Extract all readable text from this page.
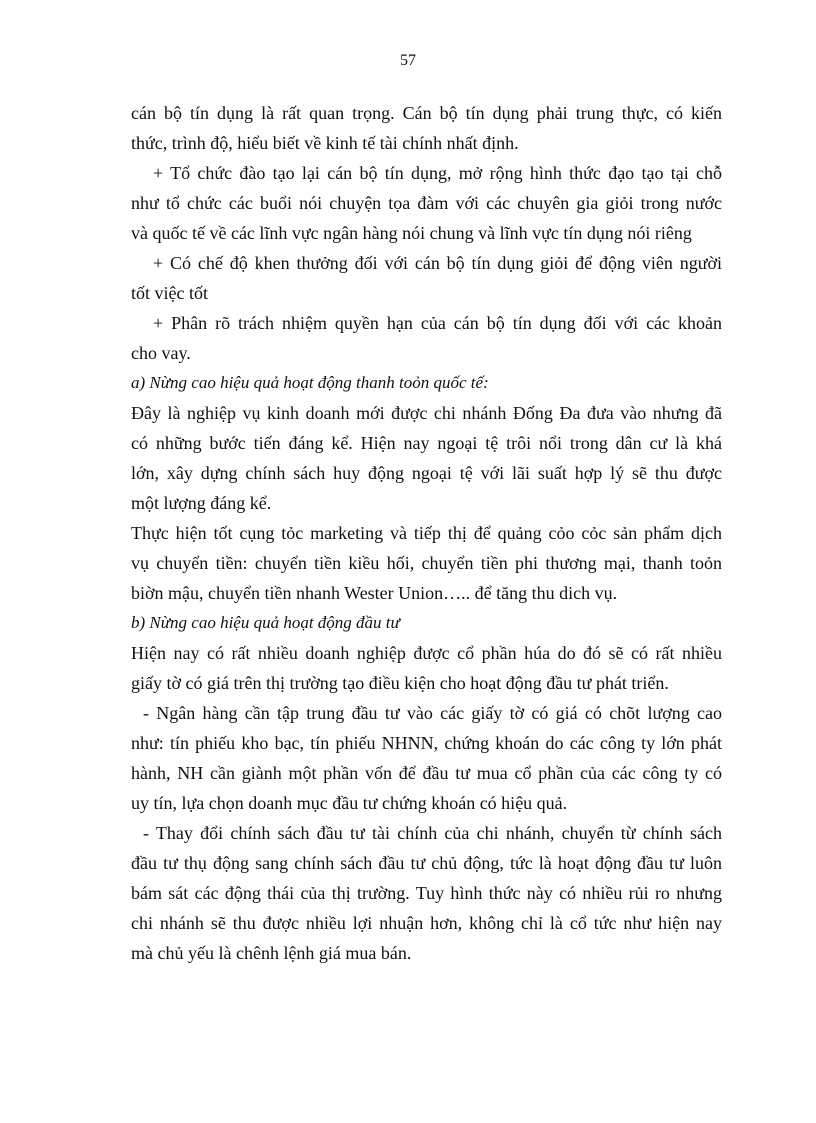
57

cán bộ tín dụng là rất quan trọng. Cán bộ tín dụng phải trung thực, có kiến

thức, trình độ, hiểu biết về kinh tế tài chính nhất định.

+ Tổ chức đào tạo lại cán bộ tín dụng, mở rộng hình thức đạo tạo tại chỗ

như tổ chức các buổi nói chuyện tọa đàm với các chuyên gia giỏi trong nước

và quốc tế về các lĩnh vực ngân hàng nói chung và lĩnh vực tín dụng nói riêng

+ Có chế độ khen thưởng đối với cán bộ tín dụng giỏi để động viên người

tốt việc tốt

+ Phân rõ trách nhiệm quyền hạn của cán bộ tín dụng đối với các khoản

cho vay.

a) Nừng cao hiệu quả hoạt động thanh toỏn quốc tế:

Đây là nghiệp vụ kinh doanh mới được chi nhánh Đống Đa đưa vào nhưng đã

có những bước tiến đáng kể. Hiện nay ngoại tệ trôi nổi trong dân cư là khá

lớn, xây dựng chính sách huy động ngoại tệ với lãi suất hợp lý sẽ thu được

một lượng đáng kể.

Thực hiện tốt cụng tỏc marketing và tiếp thị để quảng cỏo cỏc sản phẩm dịch

vụ chuyển tiền: chuyển tiền kiều hối, chuyển tiền phi thương mại, thanh toỏn

biờn mậu, chuyển tiền nhanh Wester Union….. để tăng thu dich vụ.

b) Nừng cao hiệu quả hoạt động đầu tư

Hiện nay có rất nhiều doanh nghiệp được cổ phần húa do đó sẽ có rất nhiều

giấy tờ có giá trên thị trường tạo điều kiện cho hoạt động đầu tư phát triển.

- Ngân hàng cần tập trung đầu tư vào các giấy tờ có giá có chõt lượng cao

như: tín phiếu kho bạc, tín phiếu NHNN, chứng khoán do các công ty lớn phát

hành, NH cần giành một phần vốn để đầu tư mua cổ phần của các công ty có

uy tín, lựa chọn doanh mục đầu tư chứng khoán có hiệu quả.

- Thay đổi chính sách đầu tư tài chính của chi nhánh, chuyển từ chính sách

đầu tư thụ động sang chính sách đầu tư chủ động, tức là hoạt động đầu tư luôn

bám sát các động thái của thị trường. Tuy hình thức này có nhiều rủi ro nhưng

chi nhánh sẽ thu được nhiều lợi nhuận hơn, không chỉ là cổ tức như hiện nay

mà chủ yếu là chênh lệnh giá mua bán.
